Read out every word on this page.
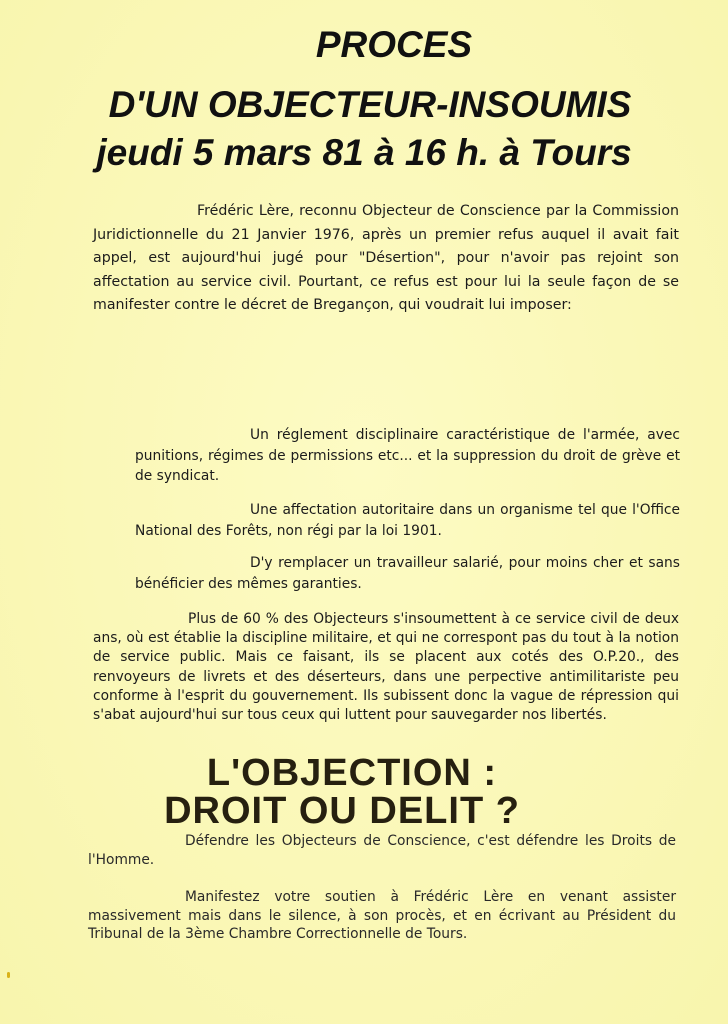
PROCES
D'UN OBJECTEUR-INSOUMIS
jeudi 5 mars 81 à 16 h. à Tours

Frédéric Lère, reconnu Objecteur de Conscience par la Commission Juridictionnelle du 21 Janvier 1976, après un premier refus auquel il avait fait appel, est aujourd'hui jugé pour "Désertion", pour n'avoir pas rejoint son affectation au service civil. Pourtant, ce refus est pour lui la seule façon de se manifester contre le décret de Bregançon, qui voudrait lui imposer:

Un réglement disciplinaire caractéristique de l'armée, avec punitions, régimes de permissions etc... et la suppression du droit de grève et de syndicat.

Une affectation autoritaire dans un organisme tel que l'Office National des Forêts, non régi par la loi 1901.

D'y remplacer un travailleur salarié, pour moins cher et sans bénéficier des mêmes garanties.

Plus de 60 % des Objecteurs s'insoumettent à ce service civil de deux ans, où est établie la discipline militaire, et qui ne correspont pas du tout à la notion de service public. Mais ce faisant, ils se placent aux cotés des O.P.20., des renvoyeurs de livrets et des déserteurs, dans une perpective antimilitariste peu conforme à l'esprit du gouvernement. Ils subissent donc la vague de répression qui s'abat aujourd'hui sur tous ceux qui luttent pour sauvegarder nos libertés.

L'OBJECTION :
DROIT OU DELIT ?

Défendre les Objecteurs de Conscience, c'est défendre les Droits de l'Homme.

Manifestez votre soutien à Frédéric Lère en venant assister massivement mais dans le silence, à son procès, et en écrivant au Président du Tribunal de la 3ème Chambre Correctionnelle de Tours.
